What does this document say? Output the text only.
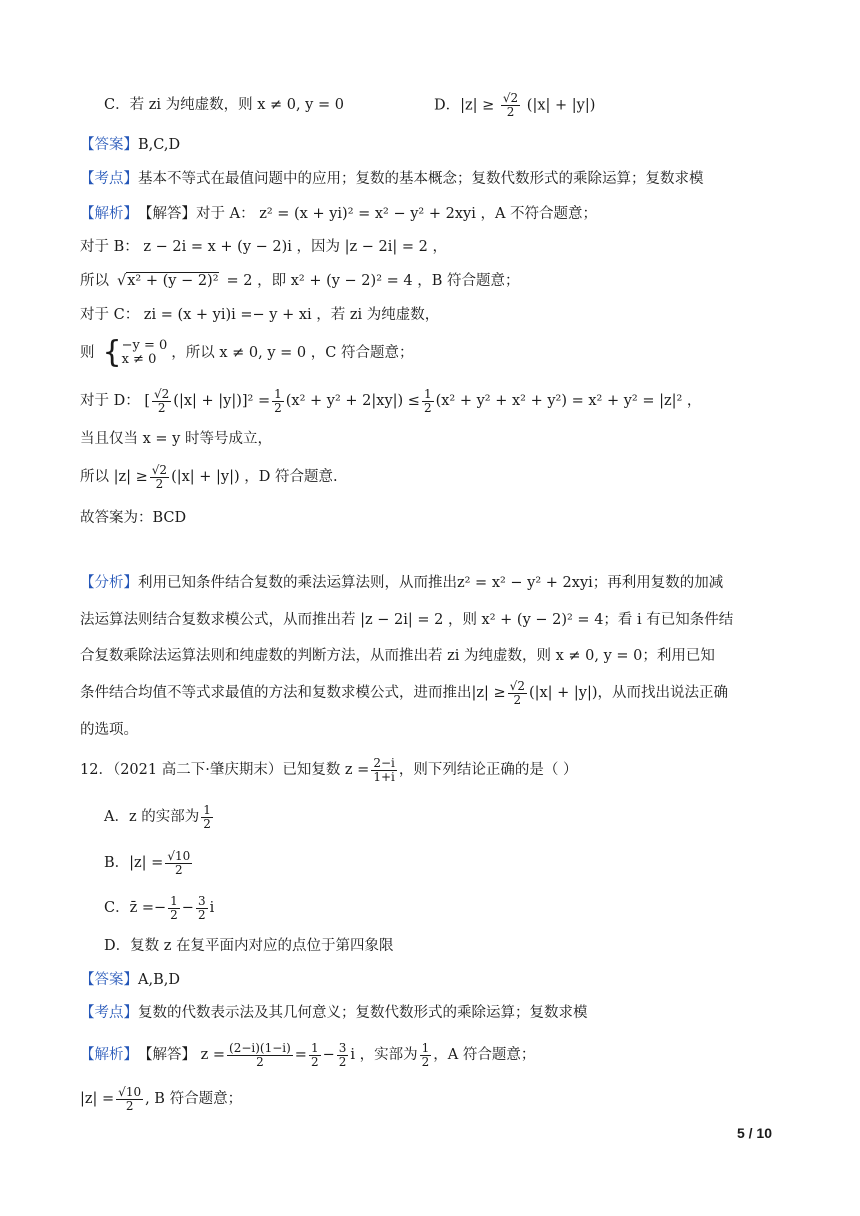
C．若 zi 为纯虚数，则 x ≠ 0, y = 0	D．$|z| \ge \frac{√2}{2} (|x| + |y|)$
【答案】 B,C,D
【考点】 基本不等式在最值问题中的应用；复数的基本概念；复数代数形式的乘除运算；复数求模
【解析】 【解答】对于 A： z² = (x + yi)² = x² − y² + 2xyi ，A 不符合题意；
对于 B： z − 2i = x + (y − 2)i ，因为 |z − 2i| = 2 ，
所以 √x² + (y − 2)² = 2 ，即 x² + (y − 2)² = 4 ，B 符合题意；
对于 C： zi = (x + yi)i =− y + xi ，若 zi 为纯虚数，
则 { −y = 0
x ≠ 0	，所以 x ≠ 0, y = 0 ，C 符合题意；
对于 D： [ $\frac{√2}{2} (|x| + |y|)]^2 = \frac{1}{2} (x^2 + y^2 + 2|xy|) \le \frac{1}{2} (x^2 + y^2 + x^2 + y^2) = x^2 + y^2 = |z|^2$ ，
当且仅当 x = y 时等号成立，
所以 $|z| \ge \frac{√2}{2} (|x| + |y|)$ ，D 符合题意.
故答案为：BCD
【分析】 利用已知条件结合复数的乘法运算法则，从而推出z² = x² − y² + 2xyi；再利用复数的加减
法运算法则结合复数求模公式，从而推出若 |z − 2i| = 2 ，则 x² + (y − 2)² = 4；看 i 有已知条件结
合复数乘除法运算法则和纯虚数的判断方法，从而推出若 zi 为纯虚数，则 x ≠ 0, y = 0；利用已知
条件结合均值不等式求最值的方法和复数求模公式，进而推出$|z| \ge \frac{√2}{2} (|x| + |y|)$，从而找出说法正确
的选项。
12．（2021 高二下·肇庆期末）已知复数 $z = \frac{2-i}{1+i}$ ，则下列结论正确的是（ ）
A．z 的实部为 $\frac{1}{2}$
B．$|z| = \frac{√10}{2}$
C．z̄ =− $\frac{1}{2} - \frac{3}{2}$ i
D．复数 z 在复平面内对应的点位于第四象限
【答案】 A,B,D
【考点】 复数的代数表示法及其几何意义；复数代数形式的乘除运算；复数求模
【解析】 【解答】 $z = \frac{(2-i)(1-i)}{2} = \frac{1}{2} - \frac{3}{2}$ i ，实部为 $\frac{1}{2}$ ，A 符合题意；
$|z| = \frac{√10}{2}$ , B 符合题意；
5 / 10
